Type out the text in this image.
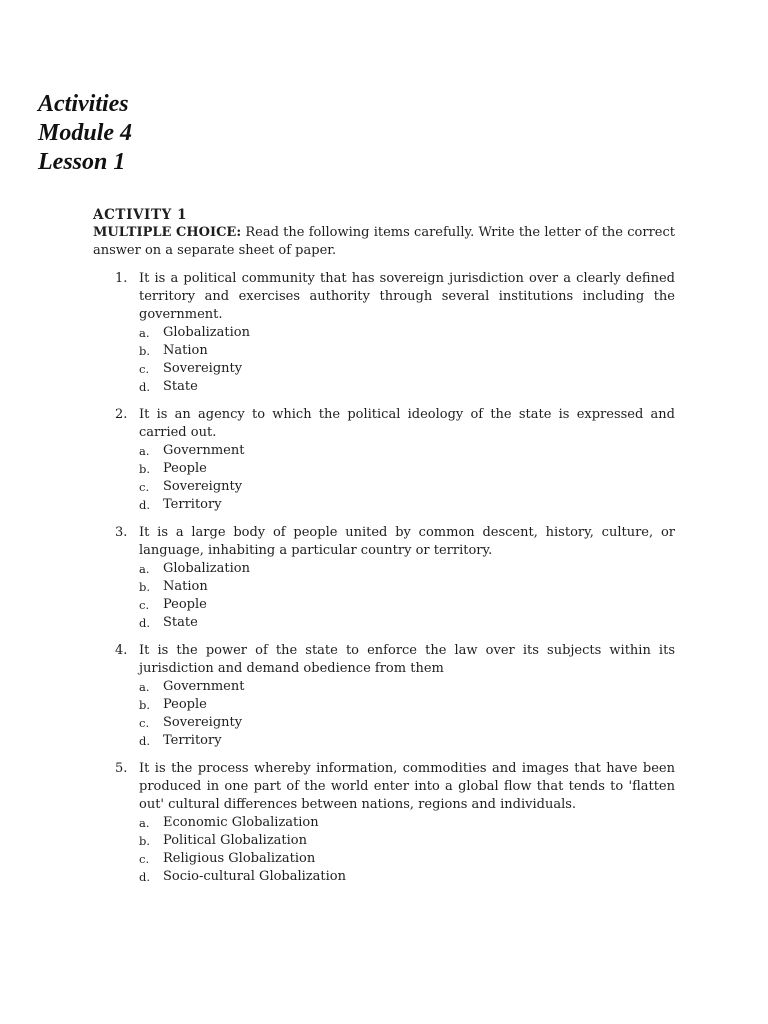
Activities
Module 4
Lesson 1

ACTIVITY 1

MULTIPLE CHOICE: Read the following items carefully. Write the letter of the correct answer on a separate sheet of paper.

1. It is a political community that has sovereign jurisdiction over a clearly defined territory and exercises authority through several institutions including the government.

a. Globalization
b. Nation
c. Sovereignty
d. State
2. It is an agency to which the political ideology of the state is expressed and carried out.

a. Government
b. People
c. Sovereignty
d. Territory
3. It is a large body of people united by common descent, history, culture, or language, inhabiting a particular country or territory.

a. Globalization
b. Nation
c. People
d. State
4. It is the power of the state to enforce the law over its subjects within its jurisdiction and demand obedience from them

a. Government
b. People
c. Sovereignty
d. Territory
5. It is the process whereby information, commodities and images that have been produced in one part of the world enter into a global flow that tends to 'flatten out' cultural differences between nations, regions and individuals.

a. Economic Globalization
b. Political Globalization
c. Religious Globalization
d. Socio-cultural Globalization
